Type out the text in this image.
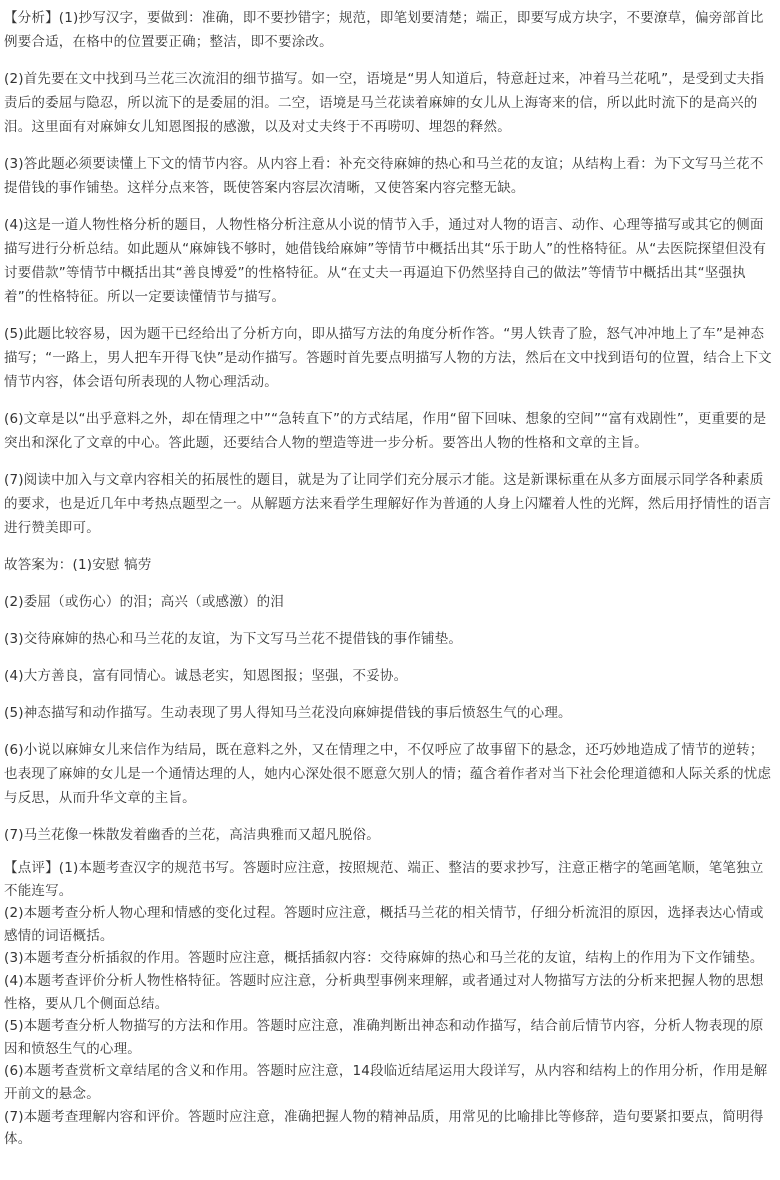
【分析】(1)抄写汉字，要做到：准确，即不要抄错字；规范，即笔划要清楚；端正，即要写成方块字，不要潦草，偏旁部首比例要合适，在格中的位置要正确；整洁，即不要涂改。

(2)首先要在文中找到马兰花三次流泪的细节描写。如一空，语境是“男人知道后，特意赶过来，冲着马兰花吼”，是受到丈夫指责后的委屈与隐忍，所以流下的是委屈的泪。二空，语境是马兰花读着麻婶的女儿从上海寄来的信，所以此时流下的是高兴的泪。这里面有对麻婶女儿知恩图报的感激，以及对丈夫终于不再唠叨、埋怨的释然。

(3)答此题必须要读懂上下文的情节内容。从内容上看：补充交待麻婶的热心和马兰花的友谊；从结构上看：为下文写马兰花不提借钱的事作铺垫。这样分点来答，既使答案内容层次清晰，又使答案内容完整无缺。

(4)这是一道人物性格分析的题目，人物性格分析注意从小说的情节入手，通过对人物的语言、动作、心理等描写或其它的侧面描写进行分析总结。如此题从“麻婶钱不够时，她借钱给麻婶”等情节中概括出其“乐于助人”的性格特征。从“去医院探望但没有讨要借款”等情节中概括出其“善良博爱”的性格特征。从“在丈夫一再逼迫下仍然坚持自己的做法”等情节中概括出其“坚强执着”的性格特征。所以一定要读懂情节与描写。

(5)此题比较容易，因为题干已经给出了分析方向，即从描写方法的角度分析作答。“男人铁青了脸，怒气冲冲地上了车”是神态描写；“一路上，男人把车开得飞快”是动作描写。答题时首先要点明描写人物的方法，然后在文中找到语句的位置，结合上下文情节内容，体会语句所表现的人物心理活动。

(6)文章是以“出乎意料之外，却在情理之中”“急转直下”的方式结尾，作用“留下回味、想象的空间”“富有戏剧性”，更重要的是突出和深化了文章的中心。答此题，还要结合人物的塑造等进一步分析。要答出人物的性格和文章的主旨。

(7)阅读中加入与文章内容相关的拓展性的题目，就是为了让同学们充分展示才能。这是新课标重在从多方面展示同学各种素质的要求，也是近几年中考热点题型之一。从解题方法来看学生理解好作为普通的人身上闪耀着人性的光辉，然后用抒情性的语言进行赞美即可。

故答案为：(1)安慰 犒劳

(2)委屈（或伤心）的泪；高兴（或感激）的泪

(3)交待麻婶的热心和马兰花的友谊，为下文写马兰花不提借钱的事作铺垫。

(4)大方善良，富有同情心。诚恳老实，知恩图报；坚强，不妥协。

(5)神态描写和动作描写。生动表现了男人得知马兰花没向麻婶提借钱的事后愤怒生气的心理。

(6)小说以麻婶女儿来信作为结局，既在意料之外，又在情理之中，不仅呼应了故事留下的悬念，还巧妙地造成了情节的逆转；也表现了麻婶的女儿是一个通情达理的人，她内心深处很不愿意欠别人的情；蕴含着作者对当下社会伦理道德和人际关系的忧虑与反思，从而升华文章的主旨。

(7)马兰花像一株散发着幽香的兰花，高洁典雅而又超凡脱俗。

【点评】(1)本题考查汉字的规范书写。答题时应注意，按照规范、端正、整洁的要求抄写，注意正楷字的笔画笔顺，笔笔独立不能连写。

(2)本题考查分析人物心理和情感的变化过程。答题时应注意，概括马兰花的相关情节，仔细分析流泪的原因，选择表达心情或感情的词语概括。

(3)本题考查分析插叙的作用。答题时应注意，概括插叙内容：交待麻婶的热心和马兰花的友谊，结构上的作用为下文作铺垫。

(4)本题考查评价分析人物性格特征。答题时应注意，分析典型事例来理解，或者通过对人物描写方法的分析来把握人物的思想性格，要从几个侧面总结。

(5)本题考查分析人物描写的方法和作用。答题时应注意，准确判断出神态和动作描写，结合前后情节内容，分析人物表现的原因和愤怒生气的心理。

(6)本题考查赏析文章结尾的含义和作用。答题时应注意，14段临近结尾运用大段详写，从内容和结构上的作用分析，作用是解开前文的悬念。

(7)本题考查理解内容和评价。答题时应注意，准确把握人物的精神品质，用常见的比喻排比等修辞，造句要紧扣要点，简明得体。
